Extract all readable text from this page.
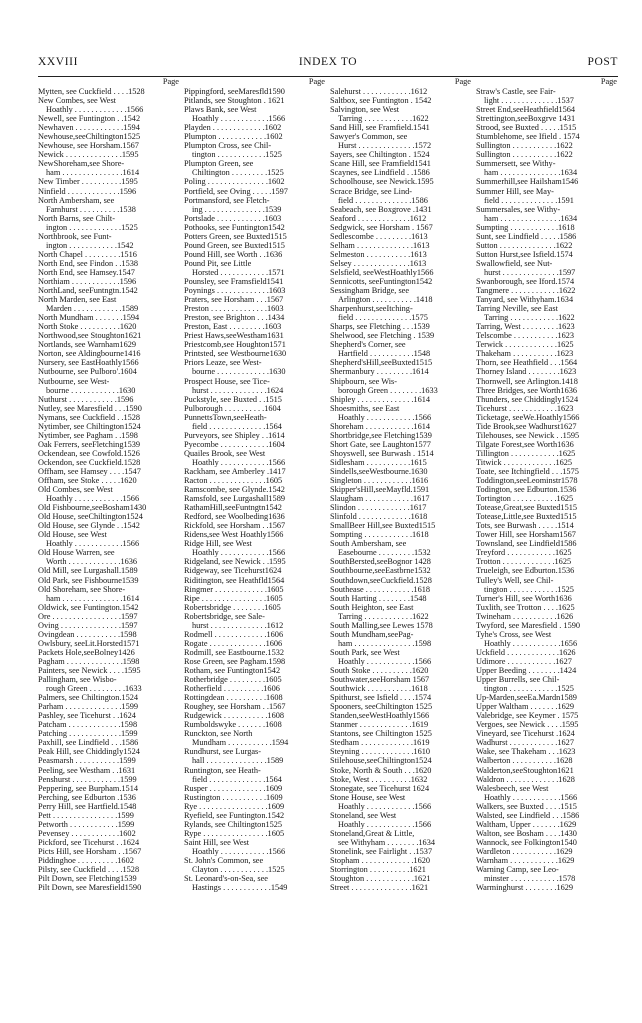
XXVIII	INDEX TO	POST
Page
Mytten, see Cuckfield . . . .1528
New Combes, see West
Hoathly . . . . . . . . . . . . .1566
Newell, see Funtington . .1542
Newhaven . . . . . . . . . . . .1594
Newhouse,seeChiltington1525
Newhouse, see Horsham.1567
Newick . . . . . . . . . . . . . .1595
NewShoreham,see Shore-
ham . . . . . . . . . . . . . . .1614
New Timber . . . . . . . . . .1595
Ninfield . . . . . . . . . . . . .1596
North Ambersham, see
Farnhurst . . . . . . . . . .1538
North Barns, see Chilt-
ington . . . . . . . . . . . . .1525
Northbrook, see Funt-
ington . . . . . . . . . . . .1542
North Chapel . . . . . . . . .1516
North End, see Findon . .1538
North End, see Hamsey.1547
Northiam . . . . . . . . . . . .1596
NorthLand, seeFuntngtn.1542
North Marden, see East
Marden . . . . . . . . . . . .1589
North Mundham . . . . . . .1594
North Stoke . . . . . . . . . .1620
Northwood,see Stoughton1621
Nortlands, see Warnham1629
Norton, see Aldingbourne1416
Nursery, see EastHoathly1566
Nutbourne, see Pulboro'.1604
Nutbourne, see West-
bourne . . . . . . . . . . . .1630
Nuthurst . . . . . . . . . . . .1596
Nutley, see Maresfield . . .1590
Nymans, see Cuckfield . .1528
Nytimber, see Chiltington1524
Nytimber, see Pagham . .1598
Oak Ferrers, seeFletching1539
Ockendean, see Cowfold.1526
Ockendon, see Cuckfield.1528
Offham, see Hamsey . . . .1547
Offham, see Stoke . . . . .1620
Old Combes, see West
Hoathly . . . . . . . . . . . .1566
Old Fishbourne,seeBosham1430
Old House, seeChiltington1524
Old House, see Glynde . .1542
Old House, see West
Hoathly . . . . . . . . . . . .1566
Old House Warren, see
Worth . . . . . . . . . . . . .1636
Old Mill, see Lurgashall.1589
Old Park, see Fishbourne1539
Old Shoreham, see Shore-
ham . . . . . . . . . . . . . . .1614
Oldwick, see Funtington.1542
Ore . . . . . . . . . . . . . . . . .1597
Oving . . . . . . . . . . . . . . .1597
Ovingdean . . . . . . . . . . .1598
Owlsbury, seeLit.Horsted1571
Packets Hole,seeBolney1426
Pagham . . . . . . . . . . . . . .1598
Painters, see Newick . . . .1595
Pallingham, see Wisbo-
rough Green . . . . . . . . .1633
Palmers, see Chiltington.1524
Parham . . . . . . . . . . . . . .1599
Pashley, see Ticehurst . .1624
Patcham . . . . . . . . . . . . .1598
Patching . . . . . . . . . . . . .1599
Paxhill, see Lindfield . . .1586
Peak Hill, see Chiddingly1524
Peasmarsh . . . . . . . . . . .1599
Peeling, see Westham . .1631
Penshurst . . . . . . . . . . . .1599
Peppering, see Burpham.1514
Perching, see Edburton .1536
Perry Hill, see Hartfield.1548
Pett . . . . . . . . . . . . . . . .1599
Petworth . . . . . . . . . . . .1599
Pevensey . . . . . . . . . . . .1602
Pickford, see Ticehurst . .1624
Picts Hill, see Horsham . .1567
Piddinghoe . . . . . . . . . .1602
Pilsty, see Cuckfield . . . .1528
Pilt Down, see Fletching1539
Pilt Down, see Maresfield1590
Page
Pippingford, seeMaresfld1590
Pitlands, see Stoughton . 1621
Plaws Bank, see West
Hoathly . . . . . . . . . . . .1566
Playden . . . . . . . . . . . . .1602
Plumpton . . . . . . . . . . . .1602
Plumpton Cross, see Chil-
tington . . . . . . . . . . . .1525
Plumpton Green, see
Chiltington . . . . . . . . .1525
Poling . . . . . . . . . . . . . . .1602
Portfield, see Oving . . . . .1597
Portmansford, see Fletch-
ing . . . . . . . . . . . . . . .1539
Portslade . . . . . . . . . . . .1603
Pothooks, see Funtington1542
Potters Green, see Buxted1515
Pound Green, see Buxted1515
Pound Hill, see Worth . .1636
Pound Pit, see Little
Horsted . . . . . . . . . . . .1571
Pounsley, see Framsfield1541
Poynings . . . . . . . . . . . . .1603
Praters, see Horsham . . .1567
Preston . . . . . . . . . . . . . .1603
Preston, see Brighton . . .1434
Preston, East . . . . . . . . .1603
Priest Haws,seeWestham1631
Priestcomb,see Houghton1571
Printsted, see Westbourne1630
Priors Leaze, see West-
bourne . . . . . . . . . . . . .1630
Prospect House, see Tice-
hurst . . . . . . . . . . . . . .1624
Puckstyle, see Buxted . .1515
Pulborough . . . . . . . . . .1604
PunnettsTown,seeHeath-
field . . . . . . . . . . . . . .1564
Purveyors, see Shipley . .1614
Pyecombe . . . . . . . . . . . .1604
Quailes Brook, see West
Hoathly . . . . . . . . . . . .1566
Rackham, see Amberley .1417
Racton . . . . . . . . . . . . . .1605
Ramscombe, see Glynde.1542
Ramsfold, see Lurgashall1589
RathamHill,seeFuntngtn1542
Redford, see Woolbeding1636
Rickfold, see Horsham . .1567
Ridens,see West Hoathly1566
Ridge Hill, see West
Hoathly . . . . . . . . . . . .1566
Ridgeland, see Newick . .1595
Ridgeway, see Ticehurst1624
Riditington, see Heathfld1564
Ringmer . . . . . . . . . . . . .1605
Ripe . . . . . . . . . . . . . . . .1605
Robertsbridge . . . . . . . .1605
Robertsbridge, see Sale-
hurst . . . . . . . . . . . . . .1612
Rodmell . . . . . . . . . . . . .1606
Rogate . . . . . . . . . . . . . .1606
Rodmill, see Eastbourne.1532
Rose Green, see Pagham.1598
Rotham, see Funtington1542
Rotherbridge . . . . . . . . .1605
Rotherfield . . . . . . . . . .1606
Rottingdean . . . . . . . . . .1608
Roughey, see Horsham . .1567
Rudgewick . . . . . . . . . . .1608
Rumboldswyke . . . . . . .1608
Runckton, see North
Mundham . . . . . . . . . . .1594
Rundhurst, see Lurgas-
hall . . . . . . . . . . . . . . .1589
Runtington, see Heath-
field . . . . . . . . . . . . . .1564
Rusper . . . . . . . . . . . . . .1609
Rustington . . . . . . . . . . .1609
Rye . . . . . . . . . . . . . . . . .1609
Ryefield, see Funtington.1542
Rylands, see Chiltington1525
Rype . . . . . . . . . . . . . . . .1605
Saint Hill, see West
Hoathly . . . . . . . . . . . .1566
St. John's Common, see
Clayton . . . . . . . . . . . .1525
St. Leonard's-on-Sea, see
Hastings . . . . . . . . . . . .1549
Page
Salehurst . . . . . . . . . . . .1612
Saltbox, see Funtington . 1542
Salvington, see West
Tarring . . . . . . . . . . . .1622
Sand Hill, see Framfield.1541
Sawyer's Common, see
Hurst . . . . . . . . . . . . . .1572
Sayers, see Chiltington . 1524
Scane Hill, see Framfield1541
Scaynes, see Lindfield . .1586
Schoolhouse, see Newick.1595
Scrace Bridge, see Lind-
field . . . . . . . . . . . . . .1586
Seabeach, see Boxgrove .1431
Seaford . . . . . . . . . . . . .1612
Sedgwick, see Horsham . 1567
Sedlescombe . . . . . . . . .1613
Selham . . . . . . . . . . . . . .1613
Selmeston . . . . . . . . . . .1613
Selsey . . . . . . . . . . . . . .1613
Selsfield, seeWestHoathly1566
Sennicotts, seeFuntington1542
Sessingham Bridge, see
Arlington . . . . . . . . . . .1418
Sharpenhurst,seeItching-
field . . . . . . . . . . . . . .1575
Sharps, see Fletching . . .1539
Shelwood, see Fletching . 1539
Shepherd's Corner, see
Hartfield . . . . . . . . . . .1548
Shepherd'sHill,seeBuxted1515
Shermanbury . . . . . . . . .1614
Shipbourn, see Wis-
borough Green . . . . . . . .1633
Shipley . . . . . . . . . . . . . .1614
Shoesmiths, see East
Hoathly . . . . . . . . . . . .1566
Shoreham . . . . . . . . . . . .1614
Shortbridge,see Fletching1539
Short Gate, see Laughton1577
Shoyswell, see Burwash . 1514
Sidlesham . . . . . . . . . . .1615
Sindells,seeWestbourne.1630
Singleton . . . . . . . . . . . .1616
Skipper'sHill,seeMayfld.1591
Slaugham . . . . . . . . . . . .1617
Slindon . . . . . . . . . . . . .1617
Slinfold . . . . . . . . . . . . .1618
SmallBeer Hill,see Buxted1515
Sompting . . . . . . . . . . . .1618
South Ambersham, see
Easebourne . . . . . . . . .1532
SouthBersted,seeBognor 1428
Southbourne,seeEastbrne1532
Southdown,seeCuckfield.1528
Southease . . . . . . . . . . . .1618
South Harting . . . . . . . .1548
South Heighton, see East
Tarring . . . . . . . . . . . .1622
South Malling,see Lewes 1578
South Mundham,seePag-
ham . . . . . . . . . . . . . . .1598
South Park, see West
Hoathly . . . . . . . . . . . .1566
South Stoke . . . . . . . . . .1620
Southwater,seeHorsham 1567
Southwick . . . . . . . . . . .1618
Spithurst, see Isfield . . . .1574
Spooners, seeChiltington 1525
Standen,seeWestHoathly1566
Stanmer . . . . . . . . . . . . .1619
Stantons, see Chiltington 1525
Stedham . . . . . . . . . . . . .1619
Steyning . . . . . . . . . . . . .1610
Stilehouse,seeChiltington1524
Stoke, North & South . . .1620
Stoke, West . . . . . . . . . .1632
Stonegate, see Ticehurst 1624
Stone House, see West
Hoathly . . . . . . . . . . . .1566
Stoneland, see West
Hoathly . . . . . . . . . . . .1566
Stoneland,Great & Little,
see Withyham . . . . . . . .1634
Stonelink, see Fairlight . .1537
Stopham . . . . . . . . . . . . .1620
Storrington . . . . . . . . . .1621
Stoughton . . . . . . . . . . . .1621
Street . . . . . . . . . . . . . . .1621
Page
Straw's Castle, see Fair-
light . . . . . . . . . . . . . .1537
Street End,seeHeathfield1564
Strettington,seeBoxgrve 1431
Strood, see Buxted . . . . .1515
Stumblehome, see Ifield . 1574
Sullington . . . . . . . . . . .1622
Sullington . . . . . . . . . . .1622
Summersett, see Withy-
ham . . . . . . . . . . . . . . .1634
Summerhill,see Hailsham1546
Summer Hill, see May-
field . . . . . . . . . . . . . .1591
Summersales, see Withy-
ham . . . . . . . . . . . . . . .1634
Sumpting . . . . . . . . . . . .1618
Sunt, see Lindfield . . . . .1586
Sutton . . . . . . . . . . . . . .1622
Sutton Hurst,see Isfield.1574
Swallowfield, see Nut-
hurst . . . . . . . . . . . . . .1597
Swanborough, see Iford.1574
Tangmere . . . . . . . . . . . .1622
Tanyard, see Withyham.1634
Tarring Neville, see East
Tarring . . . . . . . . . . . .1622
Tarring, West . . . . . . . . .1623
Telscombe . . . . . . . . . . .1623
Terwick . . . . . . . . . . . . .1625
Thakeham . . . . . . . . . . .1623
Thorn, see Heathfield . . .1564
Thorney Island . . . . . . . .1623
Thornwell, see Arlington.1418
Three Bridges, see Worth1636
Thunders, see Chiddingly1524
Ticehurst . . . . . . . . . . . .1623
Ticketage, seeWe.Hoathly1566
Tide Brook,see Wadhurst1627
Tilehouses, see Newick . .1595
Tilgate Forest,see Worth1636
Tillington . . . . . . . . . . . .1625
Titwick . . . . . . . . . . . . .1625
Toate, see Itchingfield . . .1575
Toddington,seeLeominstr1578
Todington, see Edburton.1536
Tortington . . . . . . . . . . .1625
Totease,Great,see Buxted1515
Totease,Little,see Buxted1515
Tots, see Burwash . . . . .1514
Tower Hill, see Horsham1567
Townsland, see Lindfield1586
Treyford . . . . . . . . . . . .1625
Trotton . . . . . . . . . . . . .1625
Trueleigh, see Edburton.1536
Tulley's Well, see Chil-
tington . . . . . . . . . . . .1525
Turner's Hill, see Worth1636
Tuxlith, see Trotton . . . .1625
Twineham . . . . . . . . . . .1626
Twyford, see Maresfield . 1590
Tyhe's Cross, see West
Hoathly . . . . . . . . . . . .1656
Uckfield . . . . . . . . . . . . .1626
Udimore . . . . . . . . . . . .1627
Upper Beeding . . . . . . . .1424
Upper Burrells, see Chil-
tington . . . . . . . . . . . .1525
Up-Marden,seeEa.Mardn1589
Upper Waltham . . . . . . .1629
Valebridge, see Keymer . 1575
Vergoes, see Newick . . . .1595
Vineyard, see Ticehurst .1624
Wadhurst . . . . . . . . . . . .1627
Wake, see Thakeham . . .1623
Walberton . . . . . . . . . . .1628
Walderton,seeStoughton1621
Waldron . . . . . . . . . . . . .1628
Walesbeech, see West
Hoathly . . . . . . . . . . . .1566
Walkers, see Buxted . . . .1515
Walsted, see Lindfield . . .1586
Waltham, Upper . . . . . . .1629
Walton, see Bosham . . . .1430
Wannock, see Folkington1540
Wardleton . . . . . . . . . . .1629
Warnham . . . . . . . . . . . .1629
Warning Camp, see Leo-
minster . . . . . . . . . . . .1578
Warminghurst . . . . . . . .1629
